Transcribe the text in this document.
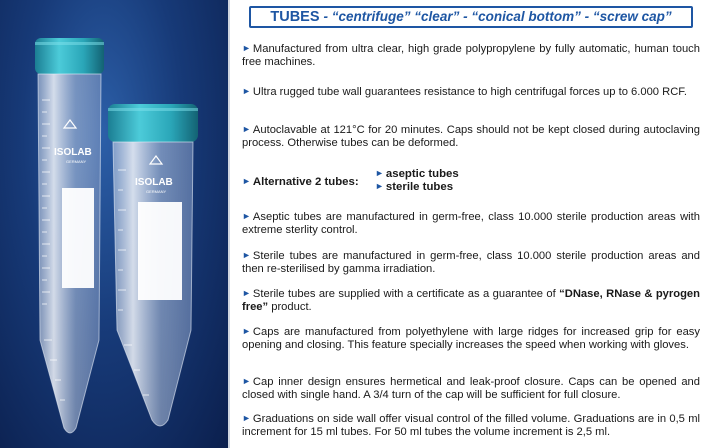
ISOLAB
GERMANY
ISOLAB
GERMANY
TUBES - “centrifuge” “clear” - “conical bottom” - “screw cap”
► Manufactured from ultra clear, high grade polypropylene by fully automatic, human touch free machines.
► Ultra rugged tube wall guarantees resistance to high centrifugal forces up to 6.000 RCF.
► Autoclavable at 121°C for 20 minutes. Caps should not be kept closed during autoclaving process. Otherwise tubes can be deformed.
► Alternative 2 tubes:
► aseptic tubes
► sterile tubes
► Aseptic tubes are manufactured in germ-free, class 10.000 sterile production areas with extreme sterlity control.
► Sterile tubes are manufactured in germ-free, class 10.000 sterile production areas and then re-sterilised by gamma irradiation.
► Sterile tubes are supplied with a certificate as a guarantee of “DNase, RNase & pyrogen free” product.
► Caps are manufactured from polyethylene with large ridges for increased grip for easy opening and closing. This feature specially increases the speed when working with gloves.
► Cap inner design ensures hermetical and leak-proof closure. Caps can be opened and closed with single hand. A 3/4 turn of the cap will be sufficient for full closure.
► Graduations on side wall offer visual control of the filled volume. Graduations are in 0,5 ml increment for 15 ml tubes. For 50 ml tubes the volume increment is 2,5 ml.
